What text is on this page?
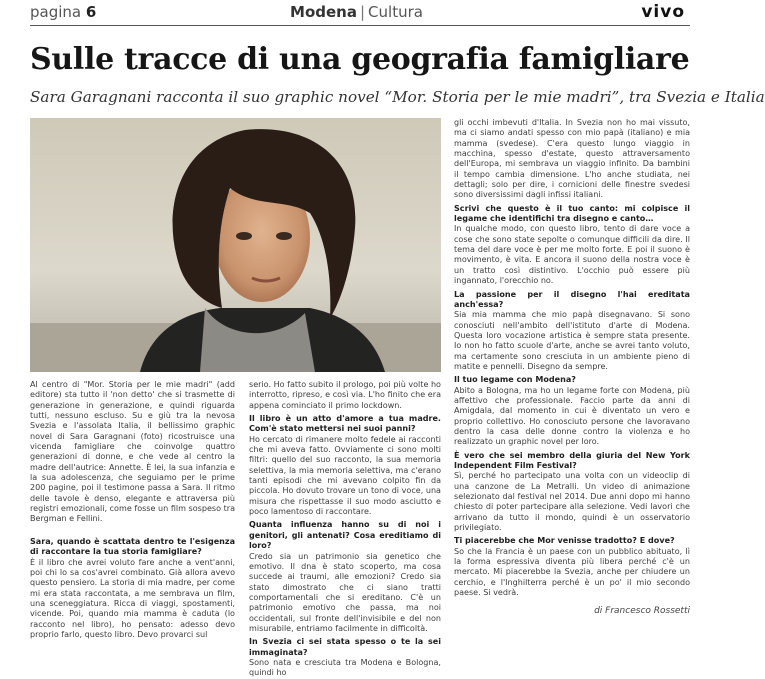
pagina 6	Modena | Cultura	vivo
Sulle tracce di una geografia famigliare
Sara Garagnani racconta il suo graphic novel “Mor. Storia per le mie madri”, tra Svezia e Italia

Al centro di "Mor. Storia per le mie madri" (add editore) sta tutto il 'non detto' che si trasmette di generazione in generazione, e quindi riguarda tutti, nessuno escluso. Su e giù tra la nevosa Svezia e l'assolata Italia, il bellissimo graphic novel di Sara Garagnani (foto) ricostruisce una vicenda famigliare che coinvolge quattro generazioni di donne, e che vede al centro la madre dell'autrice: Annette. È lei, la sua infanzia e la sua adolescenza, che seguiamo per le prime 200 pagine, poi il testimone passa a Sara. Il ritmo delle tavole è denso, elegante e attraversa più registri emozionali, come fosse un film sospeso tra Bergman e Fellini.

Sara, quando è scattata dentro te l'esigenza di raccontare la tua storia famigliare?

È il libro che avrei voluto fare anche a vent'anni, poi chi lo sa cos'avrei combinato. Già allora avevo questo pensiero. La storia di mia madre, per come mi era stata raccontata, a me sembrava un film, una sceneggiatura. Ricca di viaggi, spostamenti, vicende. Poi, quando mia mamma è caduta (lo racconto nel libro), ho pensato: adesso devo proprio farlo, questo libro. Devo provarci sul

serio. Ho fatto subito il prologo, poi più volte ho interrotto, ripreso, e così via. L'ho finito che era appena cominciato il primo lockdown.

Il libro è un atto d'amore a tua madre. Com'è stato mettersi nei suoi panni?

Ho cercato di rimanere molto fedele ai racconti che mi aveva fatto. Ovviamente ci sono molti filtri: quello del suo racconto, la sua memoria selettiva, la mia memoria selettiva, ma c'erano tanti episodi che mi avevano colpito fin da piccola. Ho dovuto trovare un tono di voce, una misura che rispettasse il suo modo asciutto e poco lamentoso di raccontare.

Quanta influenza hanno su di noi i genitori, gli antenati? Cosa ereditiamo di loro?

Credo sia un patrimonio sia genetico che emotivo. Il dna è stato scoperto, ma cosa succede ai traumi, alle emozioni? Credo sia stato dimostrato che ci siano tratti comportamentali che si ereditano. C'è un patrimonio emotivo che passa, ma noi occidentali, sul fronte dell'invisibile e del non misurabile, entriamo facilmente in difficoltà.

In Svezia ci sei stata spesso o te la sei immaginata?

Sono nata e cresciuta tra Modena e Bologna, quindi ho

gli occhi imbevuti d'Italia. In Svezia non ho mai vissuto, ma ci siamo andati spesso con mio papà (italiano) e mia mamma (svedese). C'era questo lungo viaggio in macchina, spesso d'estate, questo attraversamento dell'Europa, mi sembrava un viaggio infinito. Da bambini il tempo cambia dimensione. L'ho anche studiata, nei dettagli; solo per dire, i cornicioni delle finestre svedesi sono diversissimi dagli infissi italiani.

Scrivi che questo è il tuo canto: mi colpisce il legame che identifichi tra disegno e canto…

In qualche modo, con questo libro, tento di dare voce a cose che sono state sepolte o comunque difficili da dire. Il tema del dare voce è per me molto forte. E poi il suono è movimento, è vita. E ancora il suono della nostra voce è un tratto così distintivo. L'occhio può essere più ingannato, l'orecchio no.

La passione per il disegno l'hai ereditata anch'essa?

Sia mia mamma che mio papà disegnavano. Si sono conosciuti nell'ambito dell'istituto d'arte di Modena. Questa loro vocazione artistica è sempre stata presente. Io non ho fatto scuole d'arte, anche se avrei tanto voluto, ma certamente sono cresciuta in un ambiente pieno di matite e pennelli. Disegno da sempre.

Il tuo legame con Modena?

Abito a Bologna, ma ho un legame forte con Modena, più affettivo che professionale. Faccio parte da anni di Amigdala, dal momento in cui è diventato un vero e proprio collettivo. Ho conosciuto persone che lavoravano dentro la casa delle donne contro la violenza e ho realizzato un graphic novel per loro.

È vero che sei membro della giuria del New York Independent Film Festival?

Sì, perché ho partecipato una volta con un videoclip di una canzone de La Metralli. Un video di animazione selezionato dal festival nel 2014. Due anni dopo mi hanno chiesto di poter partecipare alla selezione. Vedi lavori che arrivano da tutto il mondo, quindi è un osservatorio privilegiato.

Ti piacerebbe che Mor venisse tradotto? E dove?

So che la Francia è un paese con un pubblico abituato, lì la forma espressiva diventa più libera perché c'è un mercato. Mi piacerebbe la Svezia, anche per chiudere un cerchio, e l'Inghilterra perché è un po' il mio secondo paese. Si vedrà.

di Francesco Rossetti
